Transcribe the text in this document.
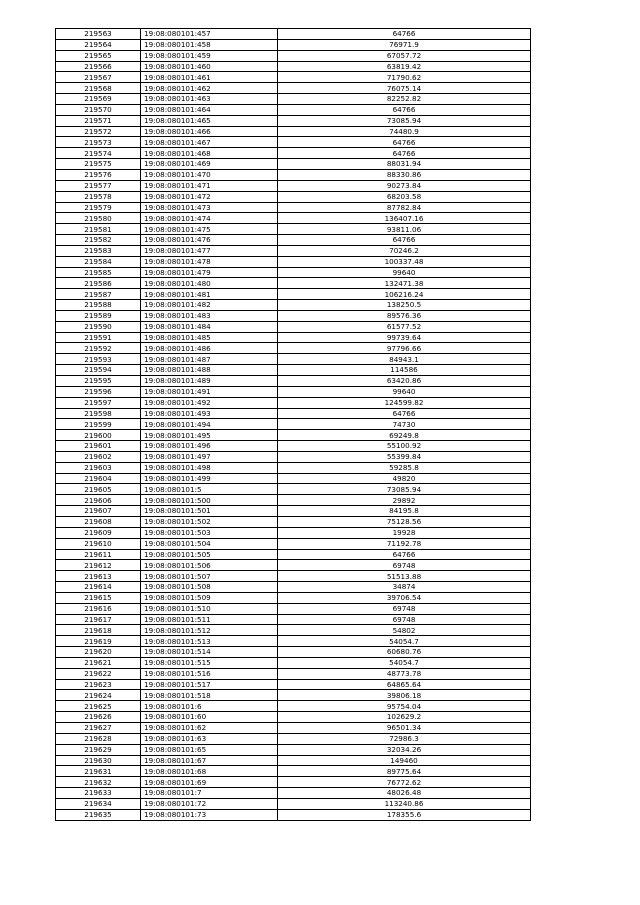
219563	19:08:080101:457	64766
219564	19:08:080101:458	76971.9
219565	19:08:080101:459	67057.72
219566	19:08:080101:460	63819.42
219567	19:08:080101:461	71790.62
219568	19:08:080101:462	76075.14
219569	19:08:080101:463	82252.82
219570	19:08:080101:464	64766
219571	19:08:080101:465	73085.94
219572	19:08:080101:466	74480.9
219573	19:08:080101:467	64766
219574	19:08:080101:468	64766
219575	19:08:080101:469	88031.94
219576	19:08:080101:470	88330.86
219577	19:08:080101:471	90273.84
219578	19:08:080101:472	68203.58
219579	19:08:080101:473	87782.84
219580	19:08:080101:474	136407.16
219581	19:08:080101:475	93811.06
219582	19:08:080101:476	64766
219583	19:08:080101:477	70246.2
219584	19:08:080101:478	100337.48
219585	19:08:080101:479	99640
219586	19:08:080101:480	132471.38
219587	19:08:080101:481	106216.24
219588	19:08:080101:482	138250.5
219589	19:08:080101:483	89576.36
219590	19:08:080101:484	61577.52
219591	19:08:080101:485	99739.64
219592	19:08:080101:486	97796.66
219593	19:08:080101:487	84943.1
219594	19:08:080101:488	114586
219595	19:08:080101:489	63420.86
219596	19:08:080101:491	99640
219597	19:08:080101:492	124599.82
219598	19:08:080101:493	64766
219599	19:08:080101:494	74730
219600	19:08:080101:495	69249.8
219601	19:08:080101:496	55100.92
219602	19:08:080101:497	55399.84
219603	19:08:080101:498	59285.8
219604	19:08:080101:499	49820
219605	19:08:080101:5	73085.94
219606	19:08:080101:500	29892
219607	19:08:080101:501	84195.8
219608	19:08:080101:502	75128.56
219609	19:08:080101:503	19928
219610	19:08:080101:504	71192.78
219611	19:08:080101:505	64766
219612	19:08:080101:506	69748
219613	19:08:080101:507	51513.88
219614	19:08:080101:508	34874
219615	19:08:080101:509	39706.54
219616	19:08:080101:510	69748
219617	19:08:080101:511	69748
219618	19:08:080101:512	54802
219619	19:08:080101:513	54054.7
219620	19:08:080101:514	60680.76
219621	19:08:080101:515	54054.7
219622	19:08:080101:516	48773.78
219623	19:08:080101:517	64865.64
219624	19:08:080101:518	39806.18
219625	19:08:080101:6	95754.04
219626	19:08:080101:60	102629.2
219627	19:08:080101:62	96501.34
219628	19:08:080101:63	72986.3
219629	19:08:080101:65	32034.26
219630	19:08:080101:67	149460
219631	19:08:080101:68	89775.64
219632	19:08:080101:69	76772.62
219633	19:08:080101:7	48026.48
219634	19:08:080101:72	113240.86
219635	19:08:080101:73	178355.6
